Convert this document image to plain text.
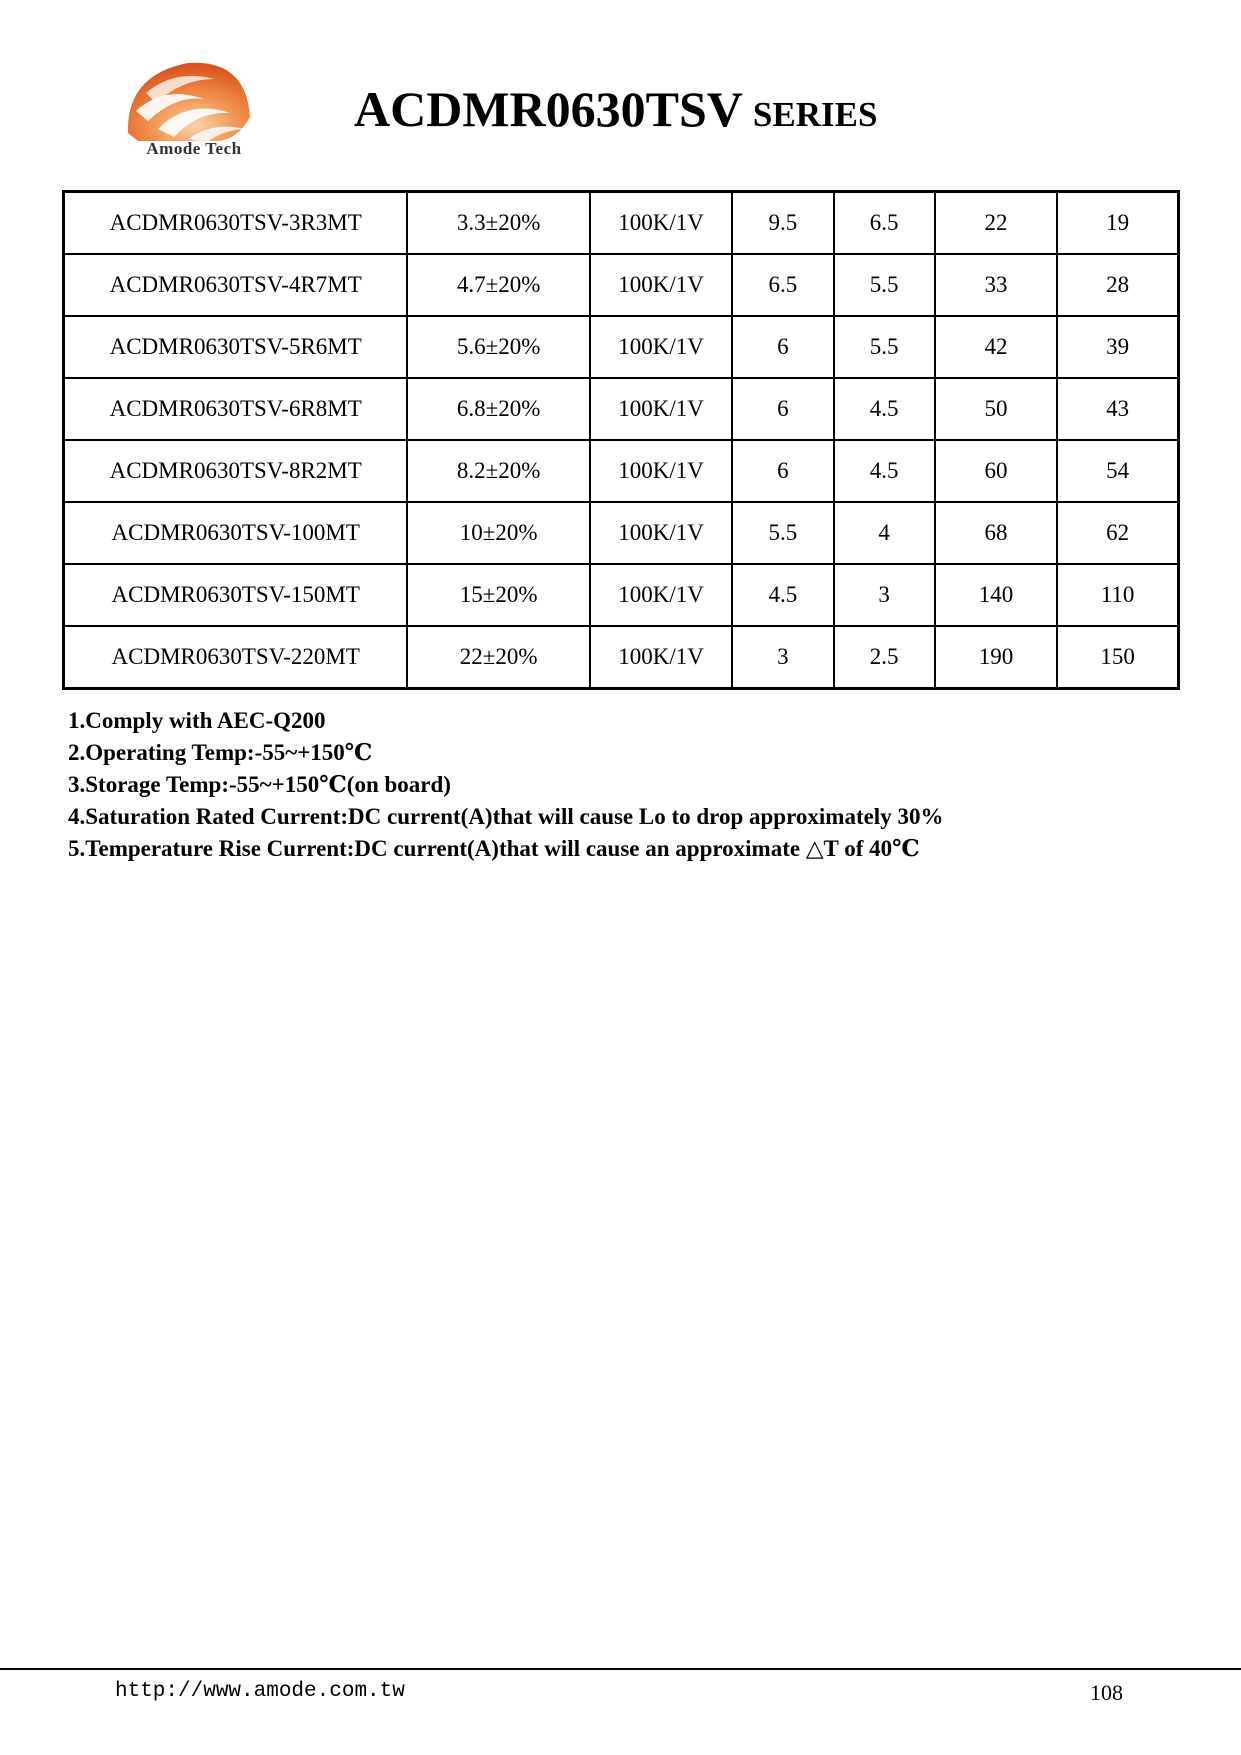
Amode Tech
ACDMR0630TSV SERIES
ACDMR0630TSV-3R3MT	3.3±20%	100K/1V	9.5	6.5	22	19
ACDMR0630TSV-4R7MT	4.7±20%	100K/1V	6.5	5.5	33	28
ACDMR0630TSV-5R6MT	5.6±20%	100K/1V	6	5.5	42	39
ACDMR0630TSV-6R8MT	6.8±20%	100K/1V	6	4.5	50	43
ACDMR0630TSV-8R2MT	8.2±20%	100K/1V	6	4.5	60	54
ACDMR0630TSV-100MT	10±20%	100K/1V	5.5	4	68	62
ACDMR0630TSV-150MT	15±20%	100K/1V	4.5	3	140	110
ACDMR0630TSV-220MT	22±20%	100K/1V	3	2.5	190	150
1.Comply with AEC-Q200
2.Operating Temp:-55~+150℃
3.Storage Temp:-55~+150℃(on board)
4.Saturation Rated Current:DC current(A)that will cause Lo to drop approximately 30%
5.Temperature Rise Current:DC current(A)that will cause an approximate △T of 40℃
http://www.amode.com.tw	108
